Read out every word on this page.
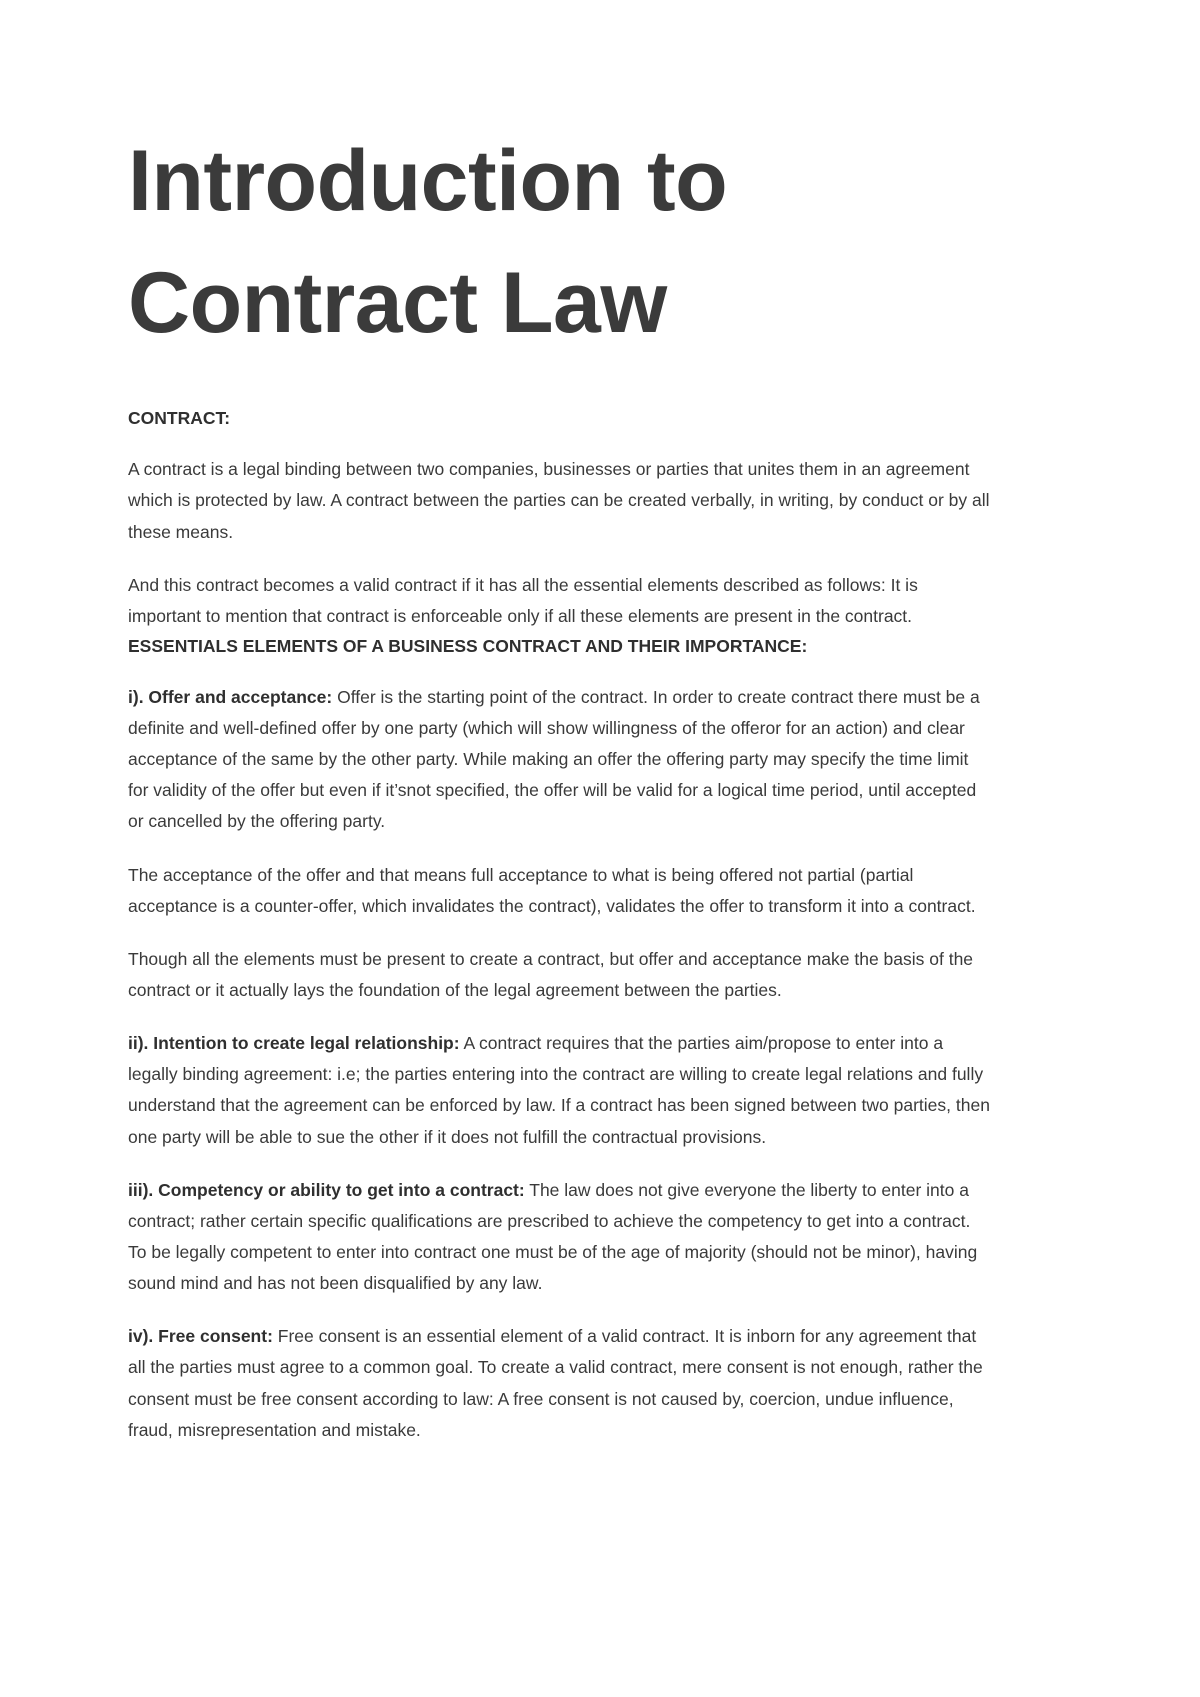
Introduction to Contract Law
CONTRACT:

A contract is a legal binding between two companies, businesses or parties that unites them in an agreement which is protected by law. A contract between the parties can be created verbally, in writing, by conduct or by all these means.

And this contract becomes a valid contract if it has all the essential elements described as follows: It is important to mention that contract is enforceable only if all these elements are present in the contract.

ESSENTIALS ELEMENTS OF A BUSINESS CONTRACT AND THEIR IMPORTANCE:

i). Offer and acceptance: Offer is the starting point of the contract. In order to create contract there must be a definite and well-defined offer by one party (which will show willingness of the offeror for an action) and clear acceptance of the same by the other party. While making an offer the offering party may specify the time limit for validity of the offer but even if it’snot specified, the offer will be valid for a logical time period, until accepted or cancelled by the offering party.

The acceptance of the offer and that means full acceptance to what is being offered not partial (partial acceptance is a counter-offer, which invalidates the contract), validates the offer to transform it into a contract.

Though all the elements must be present to create a contract, but offer and acceptance make the basis of the contract or it actually lays the foundation of the legal agreement between the parties.

ii). Intention to create legal relationship: A contract requires that the parties aim/propose to enter into a legally binding agreement: i.e; the parties entering into the contract are willing to create legal relations and fully understand that the agreement can be enforced by law. If a contract has been signed between two parties, then one party will be able to sue the other if it does not fulfill the contractual provisions.

iii). Competency or ability to get into a contract: The law does not give everyone the liberty to enter into a contract; rather certain specific qualifications are prescribed to achieve the competency to get into a contract. To be legally competent to enter into contract one must be of the age of majority (should not be minor), having sound mind and has not been disqualified by any law.

iv). Free consent: Free consent is an essential element of a valid contract. It is inborn for any agreement that all the parties must agree to a common goal. To create a valid contract, mere consent is not enough, rather the consent must be free consent according to law: A free consent is not caused by, coercion, undue influence, fraud, misrepresentation and mistake.
